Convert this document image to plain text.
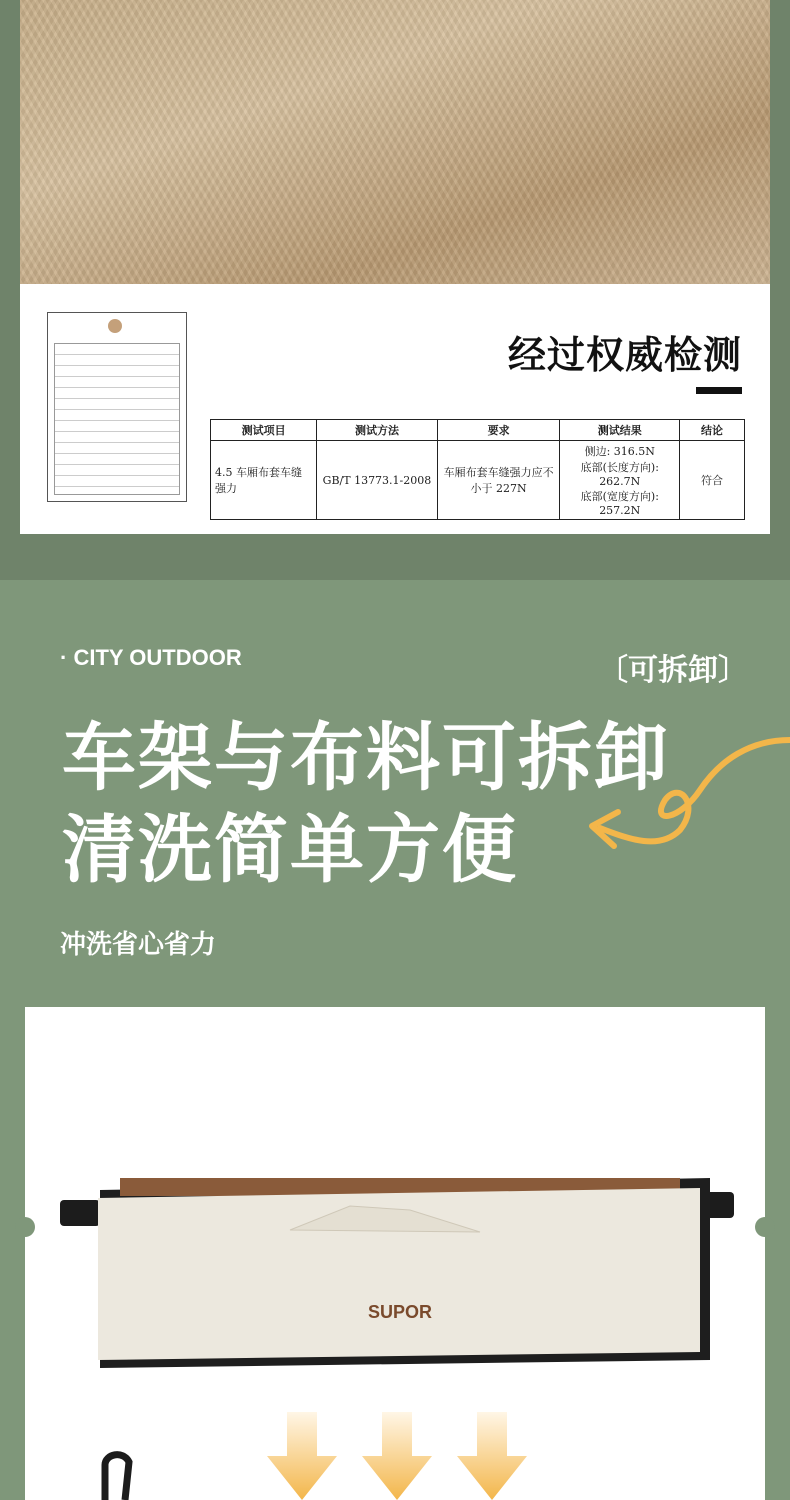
经过权威检测
测试项目	测试方法	要求	测试结果	结论
4.5 车厢布套车缝强力	GB/T 13773.1-2008	车厢布套车缝强力应不小于 227N	侧边: 316.5N
底部(长度方向):
262.7N
底部(宽度方向):
257.2N	符合
· CITY OUTDOOR	〔可拆卸〕
车架与布料可拆卸
清洗简单方便
冲洗省心省力
SUPOR
